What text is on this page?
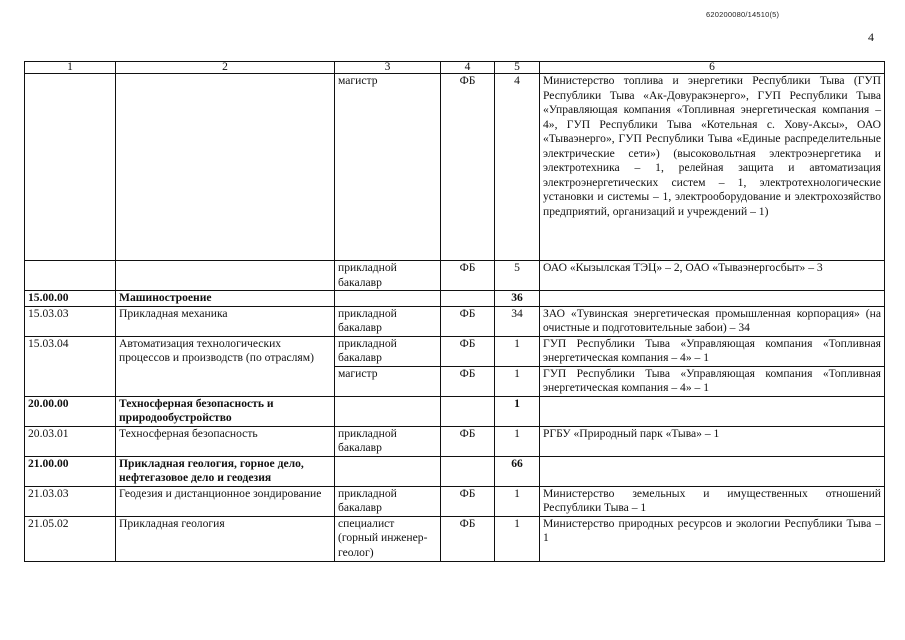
620200080/14510(5)
4
1	2	3	4	5	6
		магистр	ФБ	4	Министерство топлива и энергетики Республики Тыва (ГУП Республики Тыва «Ак-Довуракэнерго», ГУП Республики Тыва «Управляющая компания «Топливная энергетическая компания – 4», ГУП Республики Тыва «Котельная с. Хову-Аксы», ОАО «Тываэнерго», ГУП Республики Тыва «Единые распределительные электрические сети») (высоковольтная электроэнергетика и электротехника – 1, релейная защита и автоматизация электроэнергетических систем – 1, электротехнологические установки и системы – 1, электрооборудование и электрохозяйство предприятий, организаций и учреждений – 1)
		прикладной бакалавр	ФБ	5	ОАО «Кызылская ТЭЦ» – 2, ОАО «Тываэнергосбыт» – 3
15.00.00	Машиностроение			36	
15.03.03	Прикладная механика	прикладной бакалавр	ФБ	34	ЗАО «Тувинская энергетическая промышленная корпорация» (на очистные и подготовительные забои) – 34
15.03.04	Автоматизация технологических процессов и производств (по отраслям)	прикладной бакалавр	ФБ	1	ГУП Республики Тыва «Управляющая компания «Топливная энергетическая компания – 4» – 1
		магистр	ФБ	1	ГУП Республики Тыва «Управляющая компания «Топливная энергетическая компания – 4» – 1
20.00.00	Техносферная безопасность и природообустройство			1	
20.03.01	Техносферная безопасность	прикладной бакалавр	ФБ	1	РГБУ «Природный парк «Тыва» – 1
21.00.00	Прикладная геология, горное дело, нефтегазовое дело и геодезия			66	
21.03.03	Геодезия и дистанционное зондирование	прикладной бакалавр	ФБ	1	Министерство земельных и имущественных отношений Республики Тыва – 1
21.05.02	Прикладная геология	специалист (горный инженер-геолог)	ФБ	1	Министерство природных ресурсов и экологии Республики Тыва – 1
